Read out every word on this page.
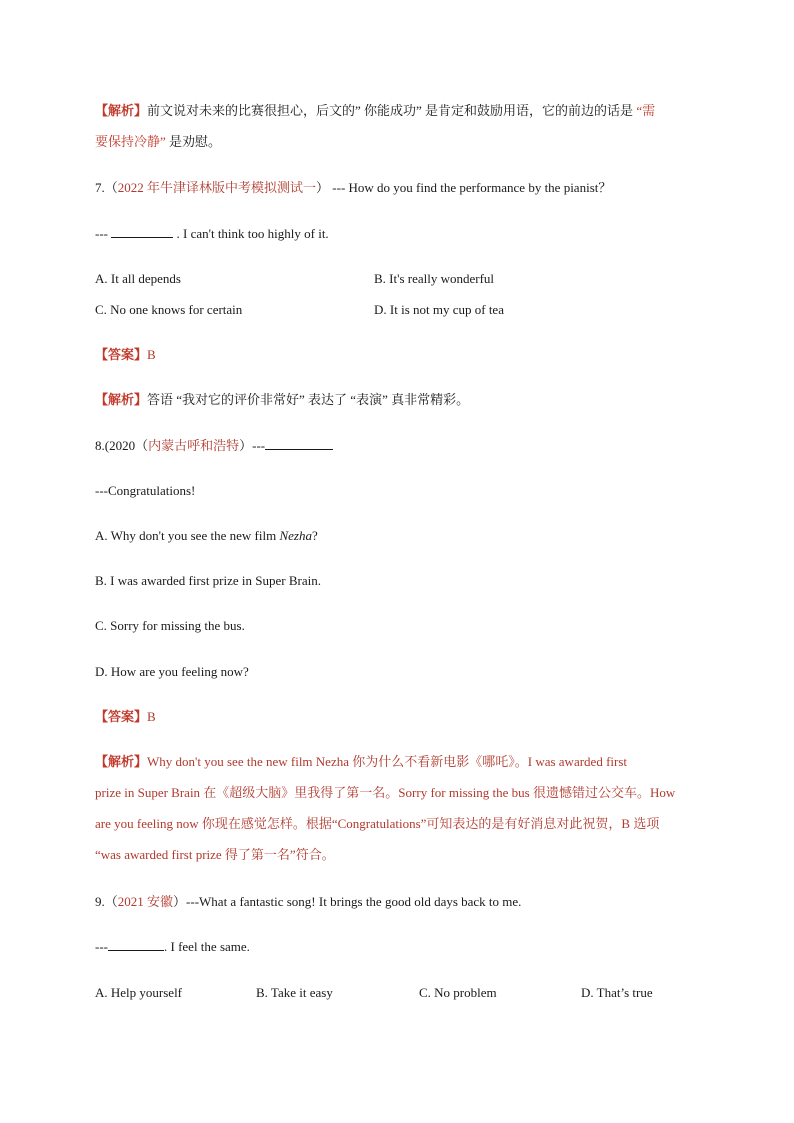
【解析】前文说对未来的比赛很担心，后文的” 你能成功” 是肯定和鼓励用语，它的前边的话是 “需
要保持冷静” 是劝慰。
7.（2022 年牛津译林版中考模拟测试一） --- How do you find the performance by the pianist？
---	. I can't think too highly of it.
A. It all depends	B. It's really wonderful
C. No one knows for certain	D. It is not my cup of tea
【答案】B
【解析】答语 “我对它的评价非常好” 表达了 “表演” 真非常精彩。
8.(2020（内蒙古呼和浩特）---
---Congratulations!
A. Why don't you see the new film Nezha?
B. I was awarded first prize in Super Brain.
C. Sorry for missing the bus.
D. How are you feeling now?
【答案】B
【解析】Why don't you see the new film Nezha 你为什么不看新电影《哪吒》。I was awarded first
prize in Super Brain 在《超级大脑》里我得了第一名。Sorry for missing the bus 很遗憾错过公交车。How
are you feeling now 你现在感觉怎样。根据“Congratulations”可知表达的是有好消息对此祝贺，B 选项
“was awarded first prize 得了第一名”符合。
9.（2021 安徽）---What a fantastic song! It brings the good old days back to me.
---	. I feel the same.
A. Help yourself	B. Take it easy	C. No problem	D. That’s true
